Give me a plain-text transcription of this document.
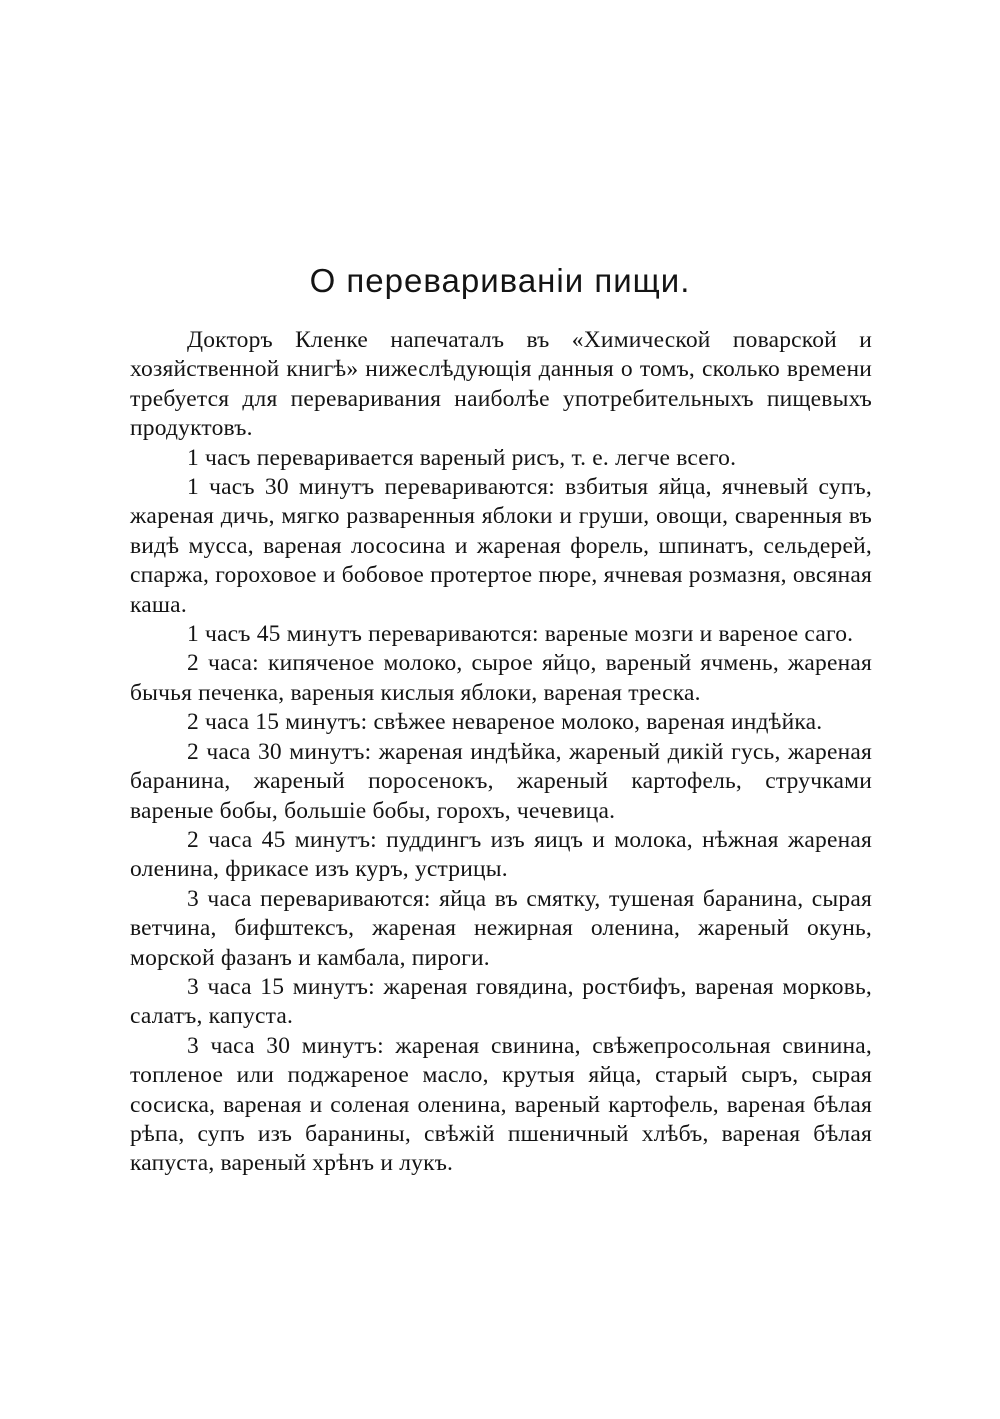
О перевариванiи пищи.

Докторъ Кленке напечаталъ въ «Химической поварской и хозяйственной книгѣ» нижеслѣдующiя данныя о томъ, сколько времени требуется для переваривания наиболѣе употребительныхъ пищевыхъ продуктовъ.

1 часъ переваривается вареный рисъ, т. е. легче всего.

1 часъ 30 минутъ перевариваются: взбитыя яйца, ячневый супъ, жареная дичь, мягко разваренныя яблоки и груши, овощи, сваренныя въ видѣ мусса, вареная лососина и жареная форель, шпинатъ, сельдерей, спаржа, гороховое и бобовое протертое пюре, ячневая розмазня, овсяная каша.

1 часъ 45 минутъ перевариваются: вареные мозги и вареное саго.

2 часа: кипяченое молоко, сырое яйцо, вареный ячмень, жареная бычья печенка, вареныя кислыя яблоки, вареная треска.

2 часа 15 минутъ: свѣжее невареное молоко, вареная индѣйка.

2 часа 30 минутъ: жареная индѣйка, жареный дикiй гусь, жареная баранина, жареный поросенокъ, жареный картофель, стручками вареные бобы, большiе бобы, горохъ, чечевица.

2 часа 45 минутъ: пуддингъ изъ яицъ и молока, нѣжная жареная оленина, фрикасе изъ куръ, устрицы.

3 часа перевариваются: яйца въ смятку, тушеная баранина, сырая ветчина, бифштексъ, жареная нежирная оленина, жареный окунь, морской фазанъ и камбала, пироги.

3 часа 15 минутъ: жареная говядина, ростбифъ, вареная морковь, салатъ, капуста.

3 часа 30 минутъ: жареная свинина, свѣжепросольная свинина, топленое или поджареное масло, крутыя яйца, старый сыръ, сырая сосиска, вареная и соленая оленина, вареный картофель, вареная бѣлая рѣпа, супъ изъ баранины, свѣжiй пшеничный хлѣбъ, вареная бѣлая капуста, вареный хрѣнъ и лукъ.
